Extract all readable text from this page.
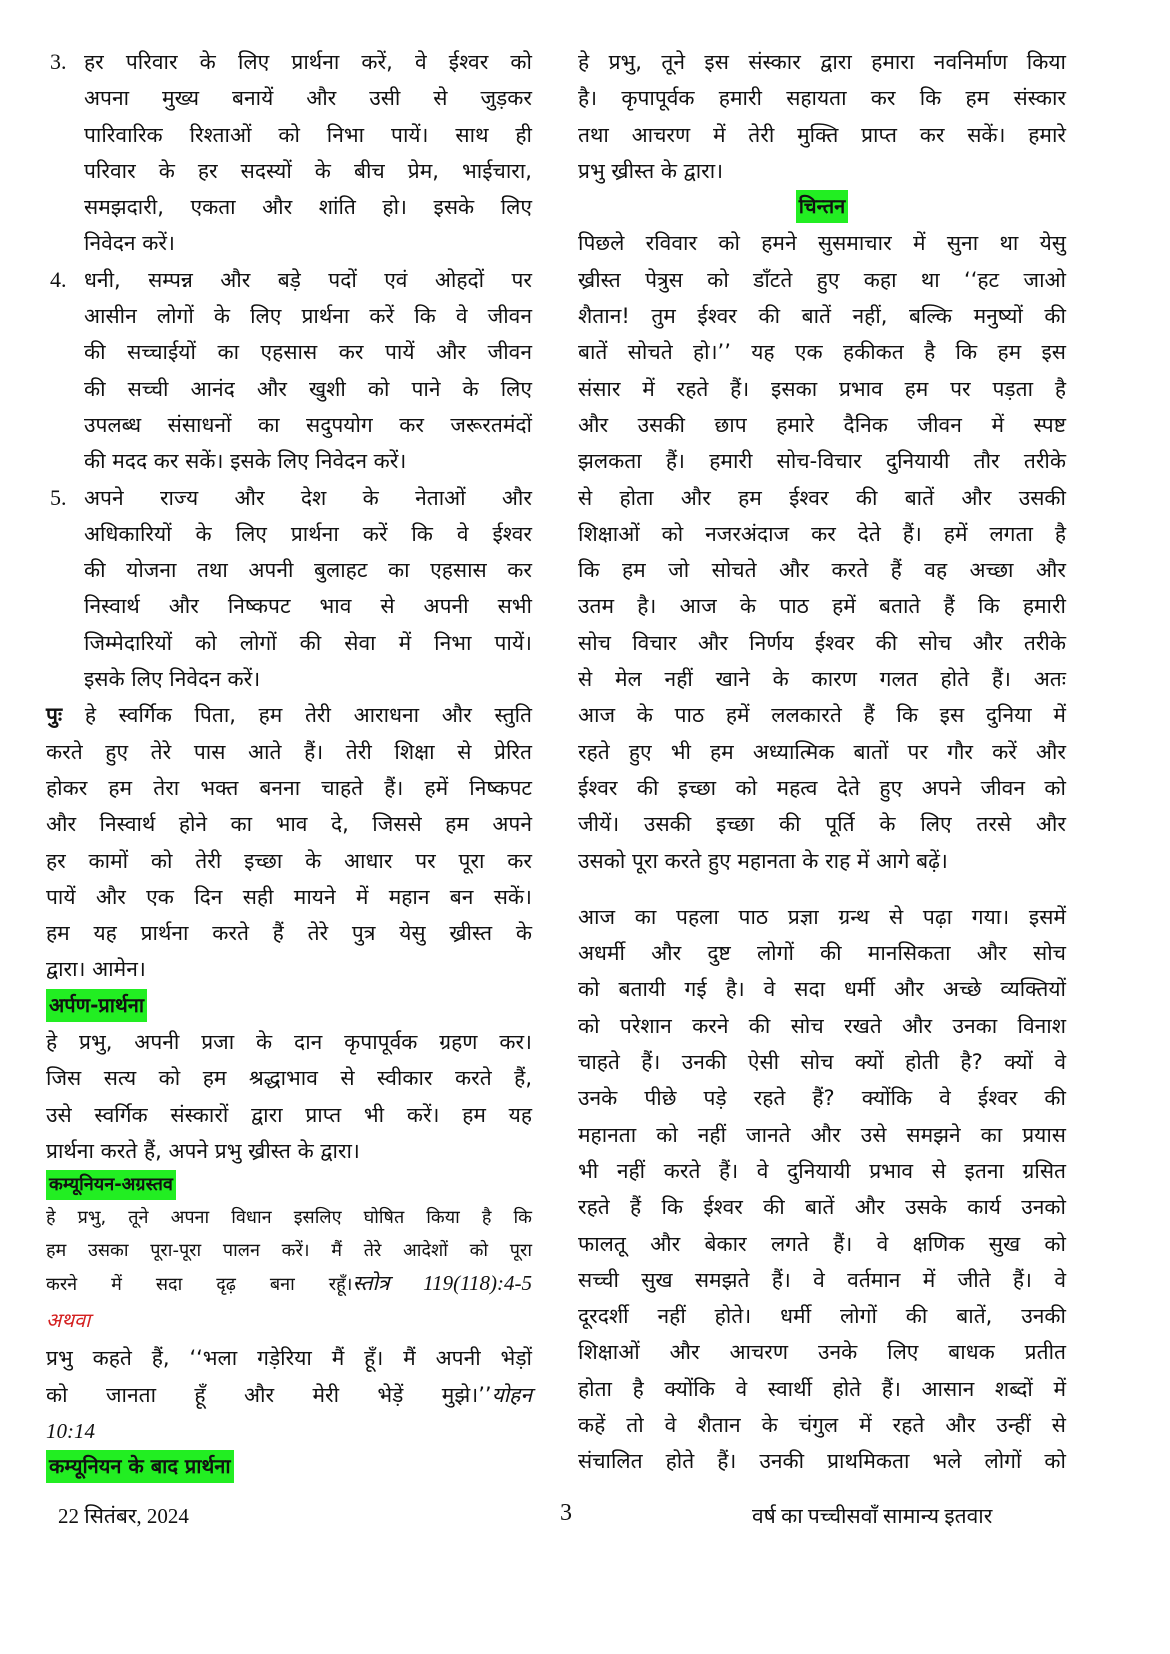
3. हर परिवार के लिए प्रार्थना करें, वे ईश्वर को
अपना मुख्य बनायें और उसी से जुड़कर
पारिवारिक रिश्ताओं को निभा पायें। साथ ही
परिवार के हर सदस्यों के बीच प्रेम, भाईचारा,
समझदारी, एकता और शांति हो। इसके लिए
निवेदन करें।
4. धनी, सम्पन्न और बड़े पदों एवं ओहदों पर
आसीन लोगों के लिए प्रार्थना करें कि वे जीवन
की सच्चाईयों का एहसास कर पायें और जीवन
की सच्ची आनंद और खुशी को पाने के लिए
उपलब्ध संसाधनों का सदुपयोग कर जरूरतमंदों
की मदद कर सकें। इसके लिए निवेदन करें।
5. अपने राज्य और देश के नेताओं और
अधिकारियों के लिए प्रार्थना करें कि वे ईश्वर
की योजना तथा अपनी बुलाहट का एहसास कर
निस्वार्थ और निष्कपट भाव से अपनी सभी
जिम्मेदारियों को लोगों की सेवा में निभा पायें।
इसके लिए निवेदन करें।
पुः हे स्वर्गिक पिता, हम तेरी आराधना और स्तुति
करते हुए तेरे पास आते हैं। तेरी शिक्षा से प्रेरित
होकर हम तेरा भक्त बनना चाहते हैं। हमें निष्कपट
और निस्वार्थ होने का भाव दे, जिससे हम अपने
हर कामों को तेरी इच्छा के आधार पर पूरा कर
पायें और एक दिन सही मायने में महान बन सकें।
हम यह प्रार्थना करते हैं तेरे पुत्र येसु ख्रीस्त के
द्वारा। आमेन।
अर्पण-प्रार्थना
हे प्रभु, अपनी प्रजा के दान कृपापूर्वक ग्रहण कर।
जिस सत्य को हम श्रद्धाभाव से स्वीकार करते हैं,
उसे स्वर्गिक संस्कारों द्वारा प्राप्त भी करें। हम यह
प्रार्थना करते हैं, अपने प्रभु ख्रीस्त के द्वारा।
कम्यूनियन-अग्रस्तव
हे प्रभु, तूने अपना विधान इसलिए घोषित किया है कि
हम उसका पूरा-पूरा पालन करें। मैं तेरे आदेशों को पूरा
करने में सदा दृढ़ बना रहूँ।स्तोत्र 119(118):4-5
अथवा
प्रभु कहते हैं, ‘‘भला गड़ेरिया मैं हूँ। मैं अपनी भेड़ों
को जानता हूँ और मेरी भेड़ें मुझे।’’योहन
10:14
कम्यूनियन के बाद प्रार्थना
हे प्रभु, तूने इस संस्कार द्वारा हमारा नवनिर्माण किया
है। कृपापूर्वक हमारी सहायता कर कि हम संस्कार
तथा आचरण में तेरी मुक्ति प्राप्त कर सकें। हमारे
प्रभु ख्रीस्त के द्वारा।
चिन्तन
पिछले रविवार को हमने सुसमाचार में सुना था येसु
ख्रीस्त पेत्रुस को डाँटते हुए कहा था ‘‘हट जाओ
शैतान! तुम ईश्वर की बातें नहीं, बल्कि मनुष्यों की
बातें सोचते हो।’’ यह एक हकीकत है कि हम इस
संसार में रहते हैं। इसका प्रभाव हम पर पड़ता है
और उसकी छाप हमारे दैनिक जीवन में स्पष्ट
झलकता हैं। हमारी सोच-विचार दुनियायी तौर तरीके
से होता और हम ईश्वर की बातें और उसकी
शिक्षाओं को नजरअंदाज कर देते हैं। हमें लगता है
कि हम जो सोचते और करते हैं वह अच्छा और
उतम है। आज के पाठ हमें बताते हैं कि हमारी
सोच विचार और निर्णय ईश्वर की सोच और तरीके
से मेल नहीं खाने के कारण गलत होते हैं। अतः
आज के पाठ हमें ललकारते हैं कि इस दुनिया में
रहते हुए भी हम अध्यात्मिक बातों पर गौर करें और
ईश्वर की इच्छा को महत्व देते हुए अपने जीवन को
जीयें। उसकी इच्छा की पूर्ति के लिए तरसे और
उसको पूरा करते हुए महानता के राह में आगे बढ़ें।
आज का पहला पाठ प्रज्ञा ग्रन्थ से पढ़ा गया। इसमें
अधर्मी और दुष्ट लोगों की मानसिकता और सोच
को बतायी गई है। वे सदा धर्मी और अच्छे व्यक्तियों
को परेशान करने की सोच रखते और उनका विनाश
चाहते हैं। उनकी ऐसी सोच क्यों होती है? क्यों वे
उनके पीछे पड़े रहते हैं? क्योंकि वे ईश्वर की
महानता को नहीं जानते और उसे समझने का प्रयास
भी नहीं करते हैं। वे दुनियायी प्रभाव से इतना ग्रसित
रहते हैं कि ईश्वर की बातें और उसके कार्य उनको
फालतू और बेकार लगते हैं। वे क्षणिक सुख को
सच्ची सुख समझते हैं। वे वर्तमान में जीते हैं। वे
दूरदर्शी नहीं होते। धर्मी लोगों की बातें, उनकी
शिक्षाओं और आचरण उनके लिए बाधक प्रतीत
होता है क्योंकि वे स्वार्थी होते हैं। आसान शब्दों में
कहें तो वे शैतान के चंगुल में रहते और उन्हीं से
संचालित होते हैं। उनकी प्राथमिकता भले लोगों को
22 सितंबर, 2024	3	वर्ष का पच्चीसवाँ सामान्य इतवार
